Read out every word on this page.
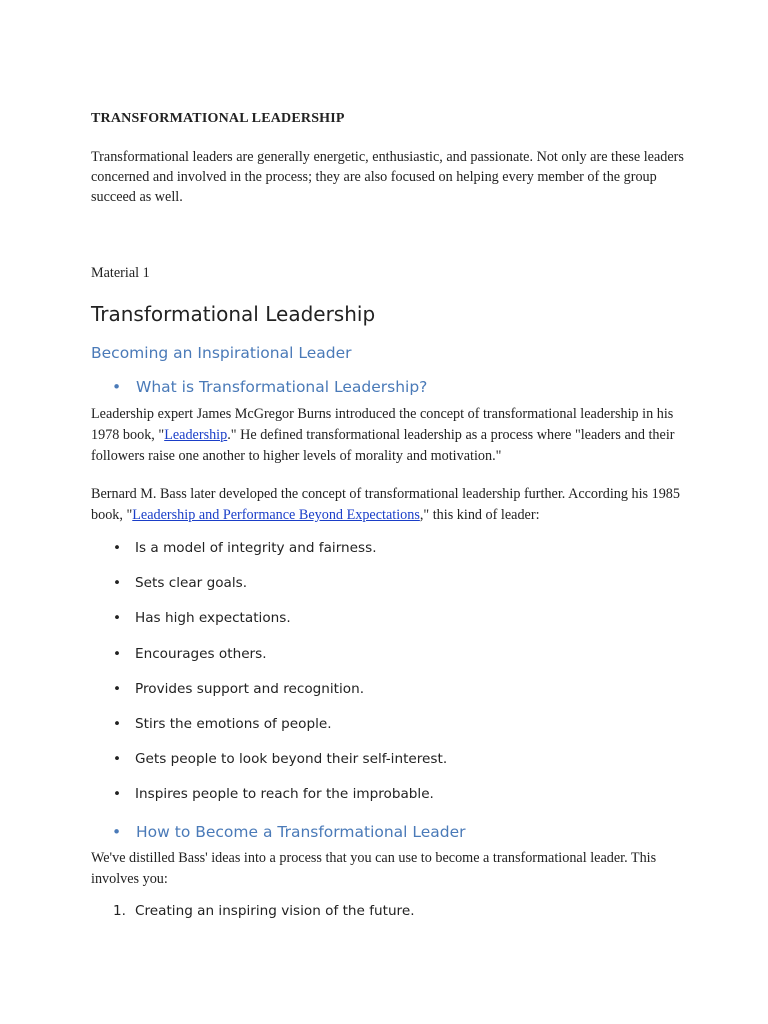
TRANSFORMATIONAL LEADERSHIP
Transformational leaders are generally energetic, enthusiastic, and passionate. Not only are these leaders concerned and involved in the process; they are also focused on helping every member of the group succeed as well.
Material 1
Transformational Leadership
Becoming an Inspirational Leader
• What is Transformational Leadership?
Leadership expert James McGregor Burns introduced the concept of transformational leadership in his 1978 book, "Leadership." He defined transformational leadership as a process where "leaders and their followers raise one another to higher levels of morality and motivation."
Bernard M. Bass later developed the concept of transformational leadership further. According his 1985 book, "Leadership and Performance Beyond Expectations," this kind of leader:
•	Is a model of integrity and fairness.
•	Sets clear goals.
•	Has high expectations.
•	Encourages others.
•	Provides support and recognition.
•	Stirs the emotions of people.
•	Gets people to look beyond their self-interest.
•	Inspires people to reach for the improbable.
• How to Become a Transformational Leader
We've distilled Bass' ideas into a process that you can use to become a transformational leader. This involves you:
1. Creating an inspiring vision of the future.
